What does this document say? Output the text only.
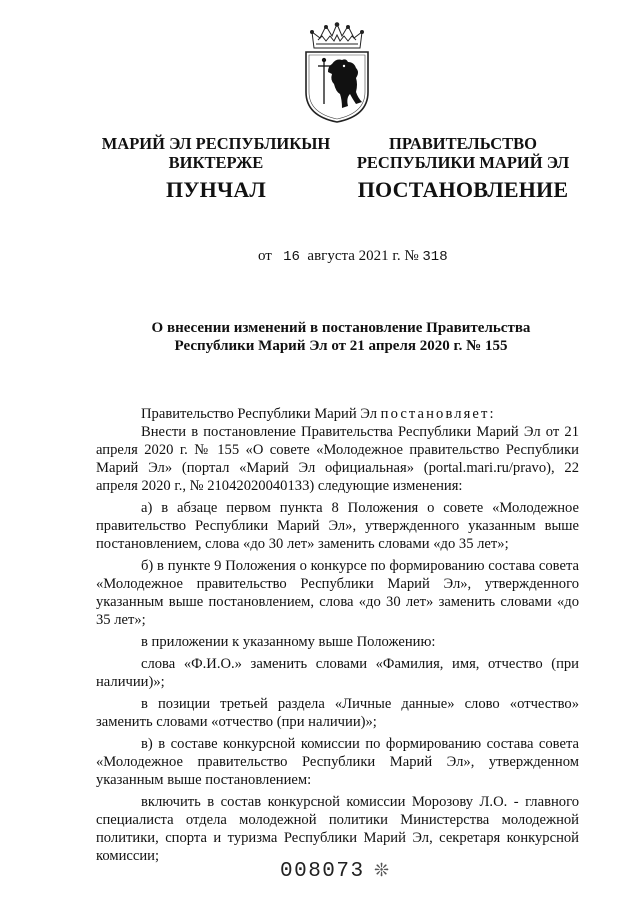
МАРИЙ ЭЛ РЕСПУБЛИКЫН
ВИКТЕРЖЕ
ПУНЧАЛ
ПРАВИТЕЛЬСТВО
РЕСПУБЛИКИ МАРИЙ ЭЛ
ПОСТАНОВЛЕНИЕ
от 16 августа 2021 г. № 318
О внесении изменений в постановление Правительства
Республики Марий Эл от 21 апреля 2020 г. № 155

Правительство Республики Марий Эл постановляет:

Внести в постановление Правительства Республики Марий Эл от 21 апреля 2020 г. № 155 «О совете «Молодежное правительство Республики Марий Эл» (портал «Марий Эл официальная» (portal.mari.ru/pravo), 22 апреля 2020 г., № 21042020040133) следующие изменения:

а) в абзаце первом пункта 8 Положения о совете «Молодежное правительство Республики Марий Эл», утвержденного указанным выше постановлением, слова «до 30 лет» заменить словами «до 35 лет»;

б) в пункте 9 Положения о конкурсе по формированию состава совета «Молодежное правительство Республики Марий Эл», утвержденного указанным выше постановлением, слова «до 30 лет» заменить словами «до 35 лет»;

в приложении к указанному выше Положению:

слова «Ф.И.О.» заменить словами «Фамилия, имя, отчество (при наличии)»;

в позиции третьей раздела «Личные данные» слово «отчество» заменить словами «отчество (при наличии)»;

в) в составе конкурсной комиссии по формированию состава совета «Молодежное правительство Республики Марий Эл», утвержденном указанным выше постановлением:

включить в состав конкурсной комиссии Морозову Л.О. - главного специалиста отдела молодежной политики Министерства молодежной политики, спорта и туризма Республики Марий Эл, секретаря конкурсной комиссии;

008073 ❊
